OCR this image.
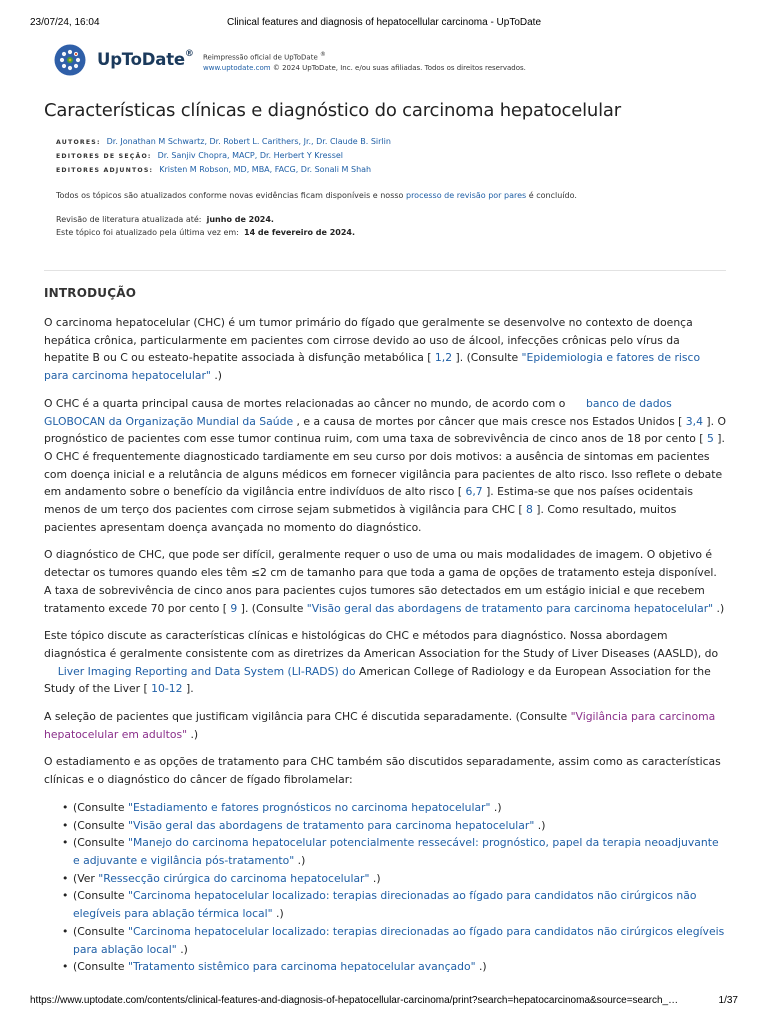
23/07/24, 16:04	Clinical features and diagnosis of hepatocellular carcinoma - UpToDate
UpToDate® Reimpressão oficial de UpToDate ®
www.uptodate.com © 2024 UpToDate, Inc. e/ou suas afiliadas. Todos os direitos reservados.
Características clínicas e diagnóstico do carcinoma hepatocelular
AUTORES: Dr. Jonathan M Schwartz, Dr. Robert L. Carithers, Jr., Dr. Claude B. Sirlin
EDITORES DE SEÇÃO: Dr. Sanjiv Chopra, MACP, Dr. Herbert Y Kressel
EDITORES ADJUNTOS: Kristen M Robson, MD, MBA, FACG, Dr. Sonali M Shah
Todos os tópicos são atualizados conforme novas evidências ficam disponíveis e nosso processo de revisão por pares é concluído.
Revisão de literatura atualizada até: junho de 2024.
Este tópico foi atualizado pela última vez em: 14 de fevereiro de 2024.
INTRODUÇÃO

O carcinoma hepatocelular (CHC) é um tumor primário do fígado que geralmente se desenvolve no contexto de doença hepática crônica, particularmente em pacientes com cirrose devido ao uso de álcool, infecções crônicas pelo vírus da hepatite B ou C ou esteato-hepatite associada à disfunção metabólica [ 1,2 ]. (Consulte "Epidemiologia e fatores de risco para carcinoma hepatocelular" .)

O CHC é a quarta principal causa de mortes relacionadas ao câncer no mundo, de acordo com o      banco de dados GLOBOCAN da Organização Mundial da Saúde , e a causa de mortes por câncer que mais cresce nos Estados Unidos [ 3,4 ]. O prognóstico de pacientes com esse tumor continua ruim, com uma taxa de sobrevivência de cinco anos de 18 por cento [ 5 ]. O CHC é frequentemente diagnosticado tardiamente em seu curso por dois motivos: a ausência de sintomas em pacientes com doença inicial e a relutância de alguns médicos em fornecer vigilância para pacientes de alto risco. Isso reflete o debate em andamento sobre o benefício da vigilância entre indivíduos de alto risco [ 6,7 ]. Estima-se que nos países ocidentais menos de um terço dos pacientes com cirrose sejam submetidos à vigilância para CHC [ 8 ]. Como resultado, muitos pacientes apresentam doença avançada no momento do diagnóstico.

O diagnóstico de CHC, que pode ser difícil, geralmente requer o uso de uma ou mais modalidades de imagem. O objetivo é detectar os tumores quando eles têm ≤2 cm de tamanho para que toda a gama de opções de tratamento esteja disponível. A taxa de sobrevivência de cinco anos para pacientes cujos tumores são detectados em um estágio inicial e que recebem tratamento excede 70 por cento [ 9 ]. (Consulte "Visão geral das abordagens de tratamento para carcinoma hepatocelular" .)

Este tópico discute as características clínicas e histológicas do CHC e métodos para diagnóstico. Nossa abordagem diagnóstica é geralmente consistente com as diretrizes da American Association for the Study of Liver Diseases (AASLD), do
Liver Imaging Reporting and Data System (LI-RADS) do American College of Radiology e da European Association for the Study of the Liver [ 10-12 ].

A seleção de pacientes que justificam vigilância para CHC é discutida separadamente. (Consulte "Vigilância para carcinoma hepatocelular em adultos" .)

O estadiamento e as opções de tratamento para CHC também são discutidos separadamente, assim como as características clínicas e o diagnóstico do câncer de fígado fibrolamelar:

• (Consulte "Estadiamento e fatores prognósticos no carcinoma hepatocelular" .)
• (Consulte "Visão geral das abordagens de tratamento para carcinoma hepatocelular" .)
• (Consulte "Manejo do carcinoma hepatocelular potencialmente ressecável: prognóstico, papel da terapia neoadjuvante e adjuvante e vigilância pós-tratamento" .)
• (Ver "Ressecção cirúrgica do carcinoma hepatocelular" .)
• (Consulte "Carcinoma hepatocelular localizado: terapias direcionadas ao fígado para candidatos não cirúrgicos não elegíveis para ablação térmica local" .)
• (Consulte "Carcinoma hepatocelular localizado: terapias direcionadas ao fígado para candidatos não cirúrgicos elegíveis para ablação local" .)
• (Consulte "Tratamento sistêmico para carcinoma hepatocelular avançado" .)
https://www.uptodate.com/contents/clinical-features-and-diagnosis-of-hepatocellular-carcinoma/print?search=hepatocarcinoma&source=search_…	1/37
